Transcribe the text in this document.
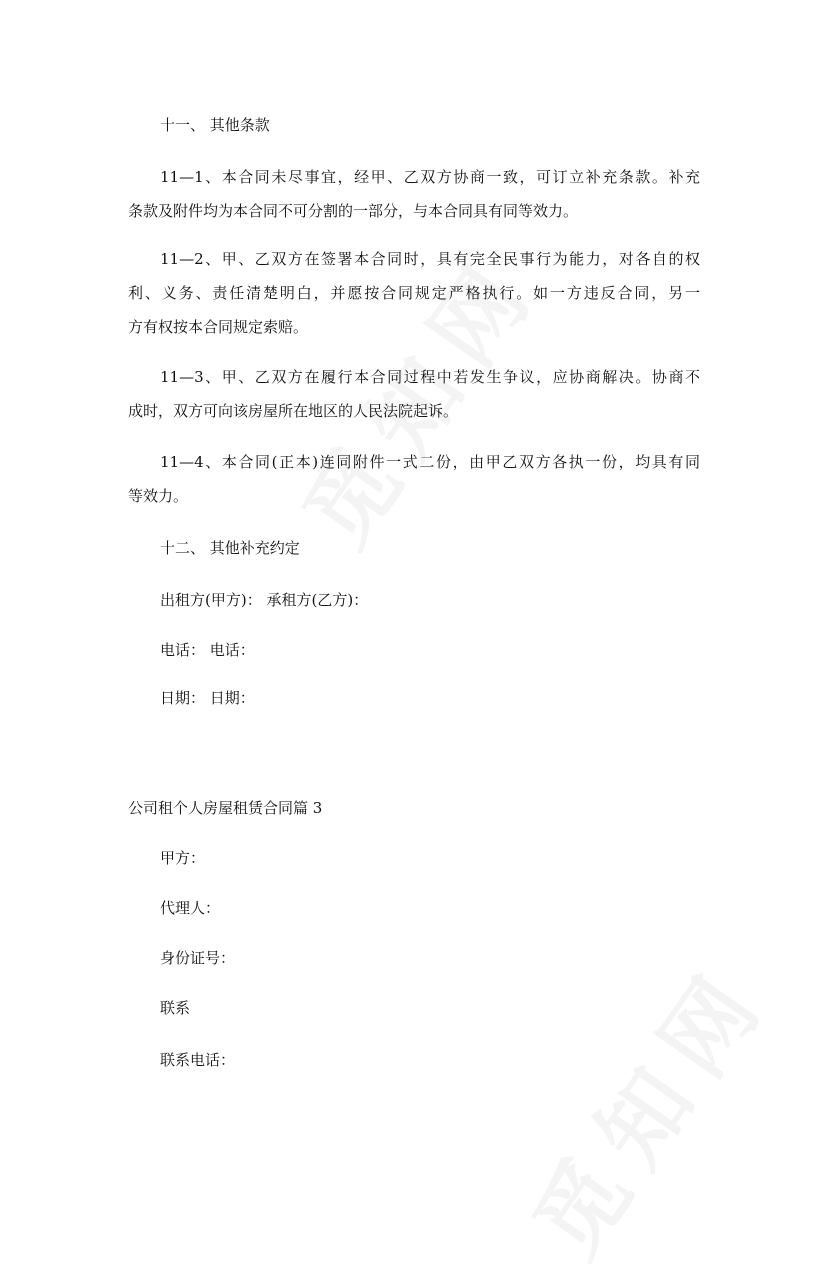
十一、 其他条款
11—1、本合同未尽事宜，经甲、乙双方协商一致，可订立补充条款。补充
条款及附件均为本合同不可分割的一部分，与本合同具有同等效力。
11—2、甲、乙双方在签署本合同时，具有完全民事行为能力，对各自的权
利、义务、责任清楚明白，并愿按合同规定严格执行。如一方违反合同，另一
方有权按本合同规定索赔。
11—3、甲、乙双方在履行本合同过程中若发生争议，应协商解决。协商不
成时，双方可向该房屋所在地区的人民法院起诉。
11—4、本合同(正本)连同附件一式二份，由甲乙双方各执一份，均具有同
等效力。
十二、 其他补充约定
出租方(甲方)： 承租方(乙方)：
电话： 电话：
日期： 日期：
公司租个人房屋租赁合同篇 3
甲方：
代理人：
身份证号：
联系
联系电话：
